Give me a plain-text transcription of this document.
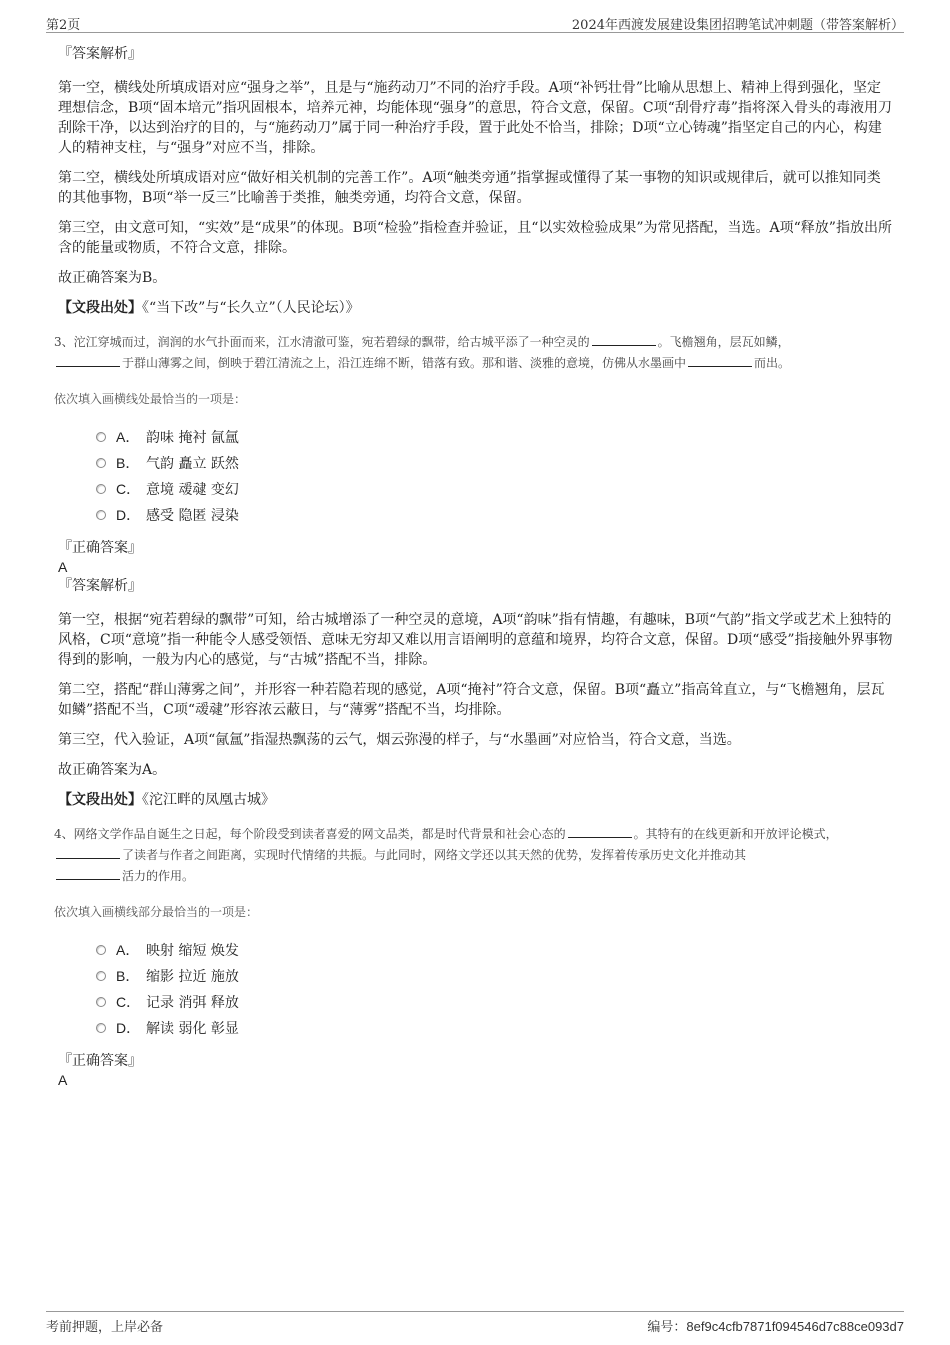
第2页	2024年西渡发展建设集团招聘笔试冲刺题（带答案解析）

『答案解析』

第一空，横线处所填成语对应“强身之举”，且是与“施药动刀”不同的治疗手段。A项“补钙壮骨”比喻从思想上、精神上得到强化，坚定理想信念，B项“固本培元”指巩固根本，培养元神，均能体现“强身”的意思，符合文意，保留。C项“刮骨疗毒”指将深入骨头的毒液用刀刮除干净，以达到治疗的目的，与“施药动刀”属于同一种治疗手段，置于此处不恰当，排除；D项“立心铸魂”指坚定自己的内心，构建人的精神支柱，与“强身”对应不当，排除。

第二空，横线处所填成语对应“做好相关机制的完善工作”。A项“触类旁通”指掌握或懂得了某一事物的知识或规律后，就可以推知同类的其他事物，B项“举一反三”比喻善于类推，触类旁通，均符合文意，保留。

第三空，由文意可知，“实效”是“成果”的体现。B项“检验”指检查并验证，且“以实效检验成果”为常见搭配，当选。A项“释放”指放出所含的能量或物质，不符合文意，排除。

故正确答案为B。

【文段出处】《“当下改”与“长久立”（人民论坛）》

3、沱江穿城而过，润润的水气扑面而来，江水清澈可鉴，宛若碧绿的飘带，给古城平添了一种空灵的	。飞檐翘角，层瓦如鳞，
于群山薄雾之间，倒映于碧江清流之上，沿江连绵不断，错落有致。那和谐、淡雅的意境，仿佛从水墨画中	而出。

依次填入画横线处最恰当的一项是：

A． 韵味 掩衬 氤氲
B． 气韵 矗立 跃然
C． 意境 叆叇 变幻
D． 感受 隐匿 浸染

『正确答案』

A

『答案解析』

第一空，根据“宛若碧绿的飘带”可知，给古城增添了一种空灵的意境，A项“韵味”指有情趣，有趣味，B项“气韵”指文学或艺术上独特的风格，C项“意境”指一种能令人感受领悟、意味无穷却又难以用言语阐明的意蕴和境界，均符合文意，保留。D项“感受”指接触外界事物得到的影响，一般为内心的感觉，与“古城”搭配不当，排除。

第二空，搭配“群山薄雾之间”，并形容一种若隐若现的感觉，A项“掩衬”符合文意，保留。B项“矗立”指高耸直立，与“飞檐翘角，层瓦如鳞”搭配不当，C项“叆叇”形容浓云蔽日，与“薄雾”搭配不当，均排除。

第三空，代入验证，A项“氤氲”指湿热飘荡的云气，烟云弥漫的样子，与“水墨画”对应恰当，符合文意，当选。

故正确答案为A。

【文段出处】《沱江畔的凤凰古城》

4、网络文学作品自诞生之日起，每个阶段受到读者喜爱的网文品类，都是时代背景和社会心态的	。其特有的在线更新和开放评论模式，了读者与作者之间距离，实现时代情绪的共振。与此同时，网络文学还以其天然的优势，发挥着传承历史文化并推动其
活力的作用。

依次填入画横线部分最恰当的一项是：

A． 映射 缩短 焕发
B． 缩影 拉近 施放
C． 记录 消弭 释放
D． 解读 弱化 彰显

『正确答案』

A

考前押题，上岸必备	编号：8ef9c4cfb7871f094546d7c88ce093d7
